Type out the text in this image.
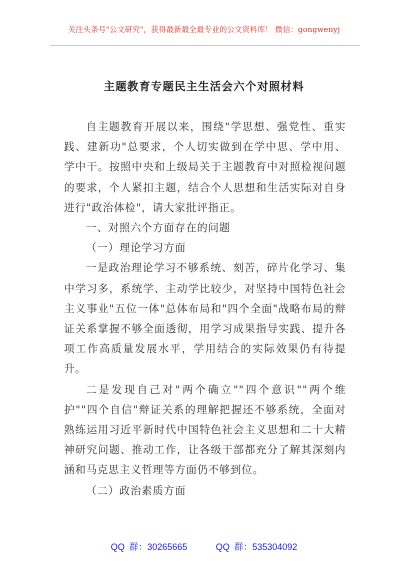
关注头条号"公文研究"，获得最新最全最专业的公文资料库！ 微信：gongwenyj
主题教育专题民主生活会六个对照材料

自主题教育开展以来，围绕"学思想、强党性、重实践、建新功"总要求，个人切实做到在学中思、学中用、学中干。按照中央和上级局关于主题教育中对照检视问题的要求，个人紧扣主题，结合个人思想和生活实际对自身进行"政治体检"，请大家批评指正。

一、对照六个方面存在的问题

（一）理论学习方面

一是政治理论学习不够系统、刻苦，碎片化学习、集中学习多，系统学、主动学比较少，对坚持中国特色社会主义事业"五位一体"总体布局和"四个全面"战略布局的辩证关系掌握不够全面透彻，用学习成果指导实践、提升各项工作高质量发展水平，学用结合的实际效果仍有待提升。

二是发现自己对"两个确立""四个意识""两个维护""四个自信"辩证关系的理解把握还不够系统，全面对熟练运用习近平新时代中国特色社会主义思想和二十大精神研究问题、推动工作，让各级干部都充分了解其深刻内涵和马克思主义哲理等方面仍不够到位。

（二）政治素质方面

QQ 群：30265665	QQ 群：535304092
